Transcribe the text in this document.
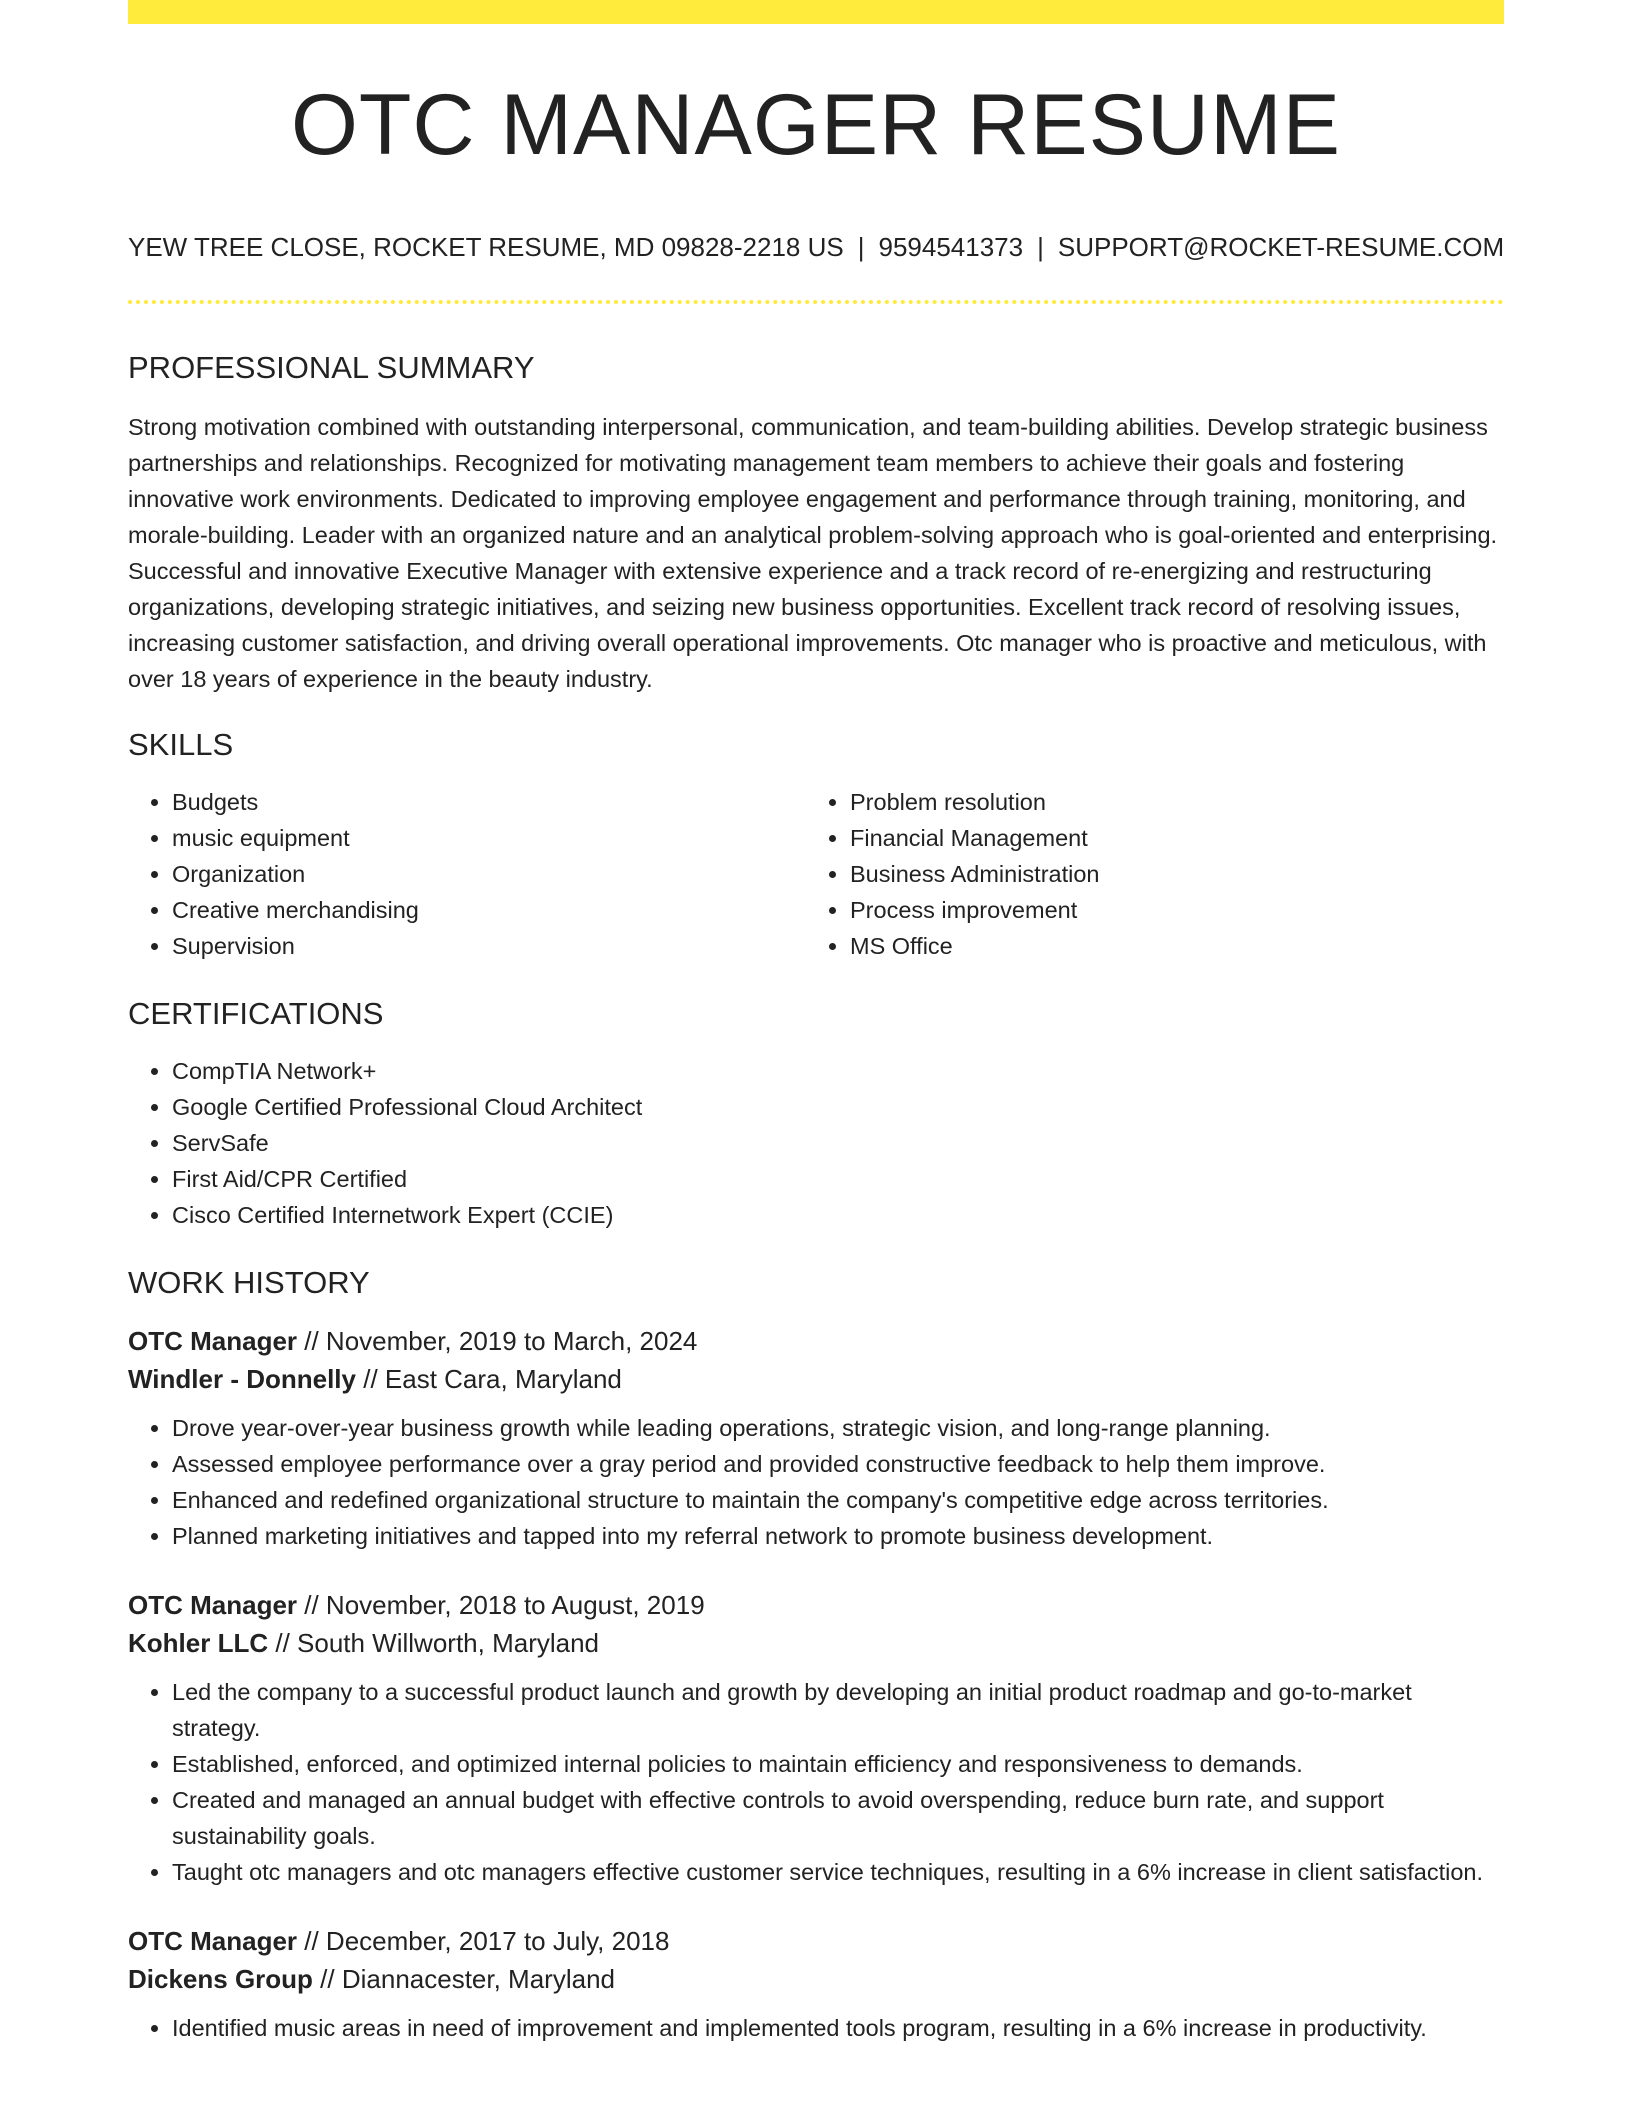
OTC MANAGER RESUME
YEW TREE CLOSE, ROCKET RESUME, MD 09828-2218 US | 9594541373 | SUPPORT@ROCKET-RESUME.COM
PROFESSIONAL SUMMARY
Strong motivation combined with outstanding interpersonal, communication, and team-building abilities. Develop strategic business partnerships and relationships. Recognized for motivating management team members to achieve their goals and fostering innovative work environments. Dedicated to improving employee engagement and performance through training, monitoring, and morale-building. Leader with an organized nature and an analytical problem-solving approach who is goal-oriented and enterprising. Successful and innovative Executive Manager with extensive experience and a track record of re-energizing and restructuring organizations, developing strategic initiatives, and seizing new business opportunities. Excellent track record of resolving issues, increasing customer satisfaction, and driving overall operational improvements. Otc manager who is proactive and meticulous, with over 18 years of experience in the beauty industry.
SKILLS
• Budgets
• music equipment
• Organization
• Creative merchandising
• Supervision
• Problem resolution
• Financial Management
• Business Administration
• Process improvement
• MS Office
CERTIFICATIONS
• CompTIA Network+
• Google Certified Professional Cloud Architect
• ServSafe
• First Aid/CPR Certified
• Cisco Certified Internetwork Expert (CCIE)
WORK HISTORY
OTC Manager // November, 2019 to March, 2024
Windler - Donnelly // East Cara, Maryland
• Drove year-over-year business growth while leading operations, strategic vision, and long-range planning.
• Assessed employee performance over a gray period and provided constructive feedback to help them improve.
• Enhanced and redefined organizational structure to maintain the company's competitive edge across territories.
• Planned marketing initiatives and tapped into my referral network to promote business development.
OTC Manager // November, 2018 to August, 2019
Kohler LLC // South Willworth, Maryland
• Led the company to a successful product launch and growth by developing an initial product roadmap and go-to-market strategy.
• Established, enforced, and optimized internal policies to maintain efficiency and responsiveness to demands.
• Created and managed an annual budget with effective controls to avoid overspending, reduce burn rate, and support sustainability goals.
• Taught otc managers and otc managers effective customer service techniques, resulting in a 6% increase in client satisfaction.
OTC Manager // December, 2017 to July, 2018
Dickens Group // Diannacester, Maryland
• Identified music areas in need of improvement and implemented tools program, resulting in a 6% increase in productivity.
